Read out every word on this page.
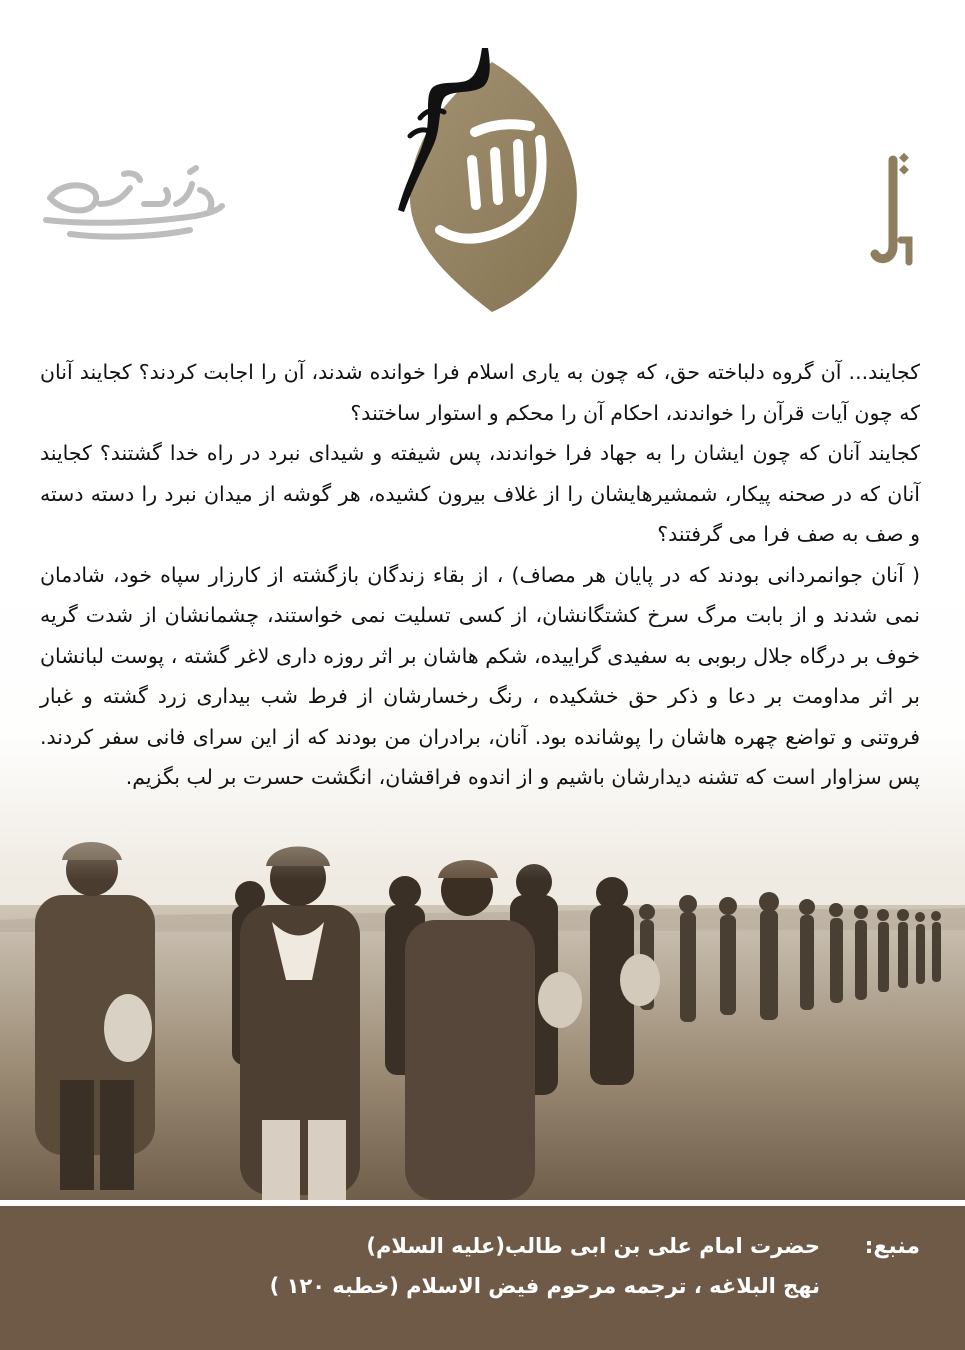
کجایند... آن گروه دلباخته حق، که چون به یاری اسلام فرا خوانده شدند، آن را اجابت کردند؟ کجایند آنان که چون آیات قرآن را خواندند، احکام آن را محکم و استوار ساختند؟

کجایند آنان که چون ایشان را به جهاد فرا خواندند، پس شیفته و شیدای نبرد در راه خدا گشتند؟ کجایند آنان که در صحنه پیکار، شمشیرهایشان را از غلاف بیرون کشیده، هر گوشه از میدان نبرد را دسته دسته و صف به صف فرا می گرفتند؟

( آنان جوانمردانی بودند که در پایان هر مصاف) ، از بقاء زندگان بازگشته از کارزار سپاه خود، شادمان نمی شدند و از بابت مرگ سرخ کشتگانشان، از کسی تسلیت نمی خواستند، چشمانشان از شدت گریه خوف بر درگاه جلال ربوبی به سفیدی گراییده، شکم هاشان بر اثر روزه داری لاغر گشته ، پوست لبانشان بر اثر مداومت بر دعا و ذکر حق خشکیده ، رنگ رخسارشان از فرط شب بیداری زرد گشته و غبار فروتنی و تواضع چهره هاشان را پوشانده بود. آنان، برادران من بودند که از این سرای فانی سفر کردند. پس سزاوار است که تشنه دیدارشان باشیم و از اندوه فراقشان، انگشت حسرت بر لب بگزیم.

منبع:
حضرت امام علی بن ابی طالب(علیه السلام)
نهج البلاغه ، ترجمه مرحوم فیض الاسلام (خطبه ۱۲۰ )
